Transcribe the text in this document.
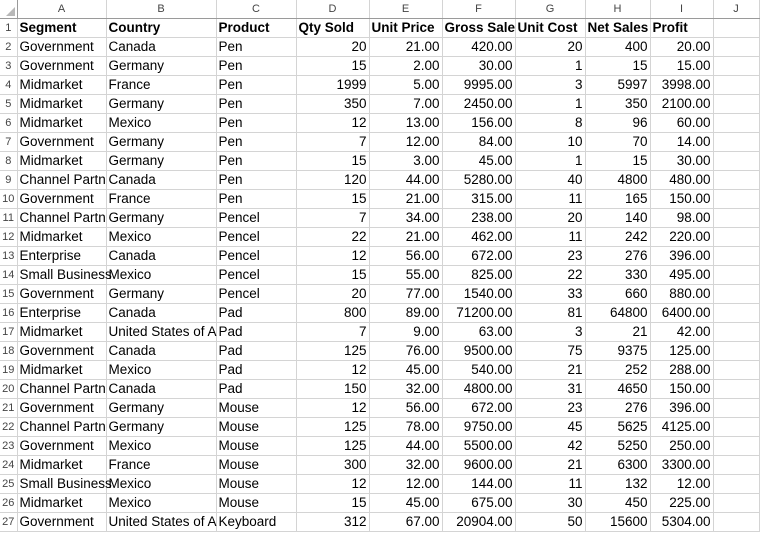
	A	B	C	D	E	F	G	H	I	J
1	Segment	Country	Product	Qty Sold	Unit Price	Gross Sale	Unit Cost	Net Sales	Profit	
2	Government	Canada	Pen	20	21.00	420.00	20	400	20.00	
3	Government	Germany	Pen	15	2.00	30.00	1	15	15.00	
4	Midmarket	France	Pen	1999	5.00	9995.00	3	5997	3998.00	
5	Midmarket	Germany	Pen	350	7.00	2450.00	1	350	2100.00	
6	Midmarket	Mexico	Pen	12	13.00	156.00	8	96	60.00	
7	Government	Germany	Pen	7	12.00	84.00	10	70	14.00	
8	Midmarket	Germany	Pen	15	3.00	45.00	1	15	30.00	
9	Channel Partn	Canada	Pen	120	44.00	5280.00	40	4800	480.00	
10	Government	France	Pen	15	21.00	315.00	11	165	150.00	
11	Channel Partn	Germany	Pencel	7	34.00	238.00	20	140	98.00	
12	Midmarket	Mexico	Pencel	22	21.00	462.00	11	242	220.00	
13	Enterprise	Canada	Pencel	12	56.00	672.00	23	276	396.00	
14	Small Business	Mexico	Pencel	15	55.00	825.00	22	330	495.00	
15	Government	Germany	Pencel	20	77.00	1540.00	33	660	880.00	
16	Enterprise	Canada	Pad	800	89.00	71200.00	81	64800	6400.00	
17	Midmarket	United States of A	Pad	7	9.00	63.00	3	21	42.00	
18	Government	Canada	Pad	125	76.00	9500.00	75	9375	125.00	
19	Midmarket	Mexico	Pad	12	45.00	540.00	21	252	288.00	
20	Channel Partn	Canada	Pad	150	32.00	4800.00	31	4650	150.00	
21	Government	Germany	Mouse	12	56.00	672.00	23	276	396.00	
22	Channel Partn	Germany	Mouse	125	78.00	9750.00	45	5625	4125.00	
23	Government	Mexico	Mouse	125	44.00	5500.00	42	5250	250.00	
24	Midmarket	France	Mouse	300	32.00	9600.00	21	6300	3300.00	
25	Small Business	Mexico	Mouse	12	12.00	144.00	11	132	12.00	
26	Midmarket	Mexico	Mouse	15	45.00	675.00	30	450	225.00	
27	Government	United States of A	Keyboard	312	67.00	20904.00	50	15600	5304.00	
